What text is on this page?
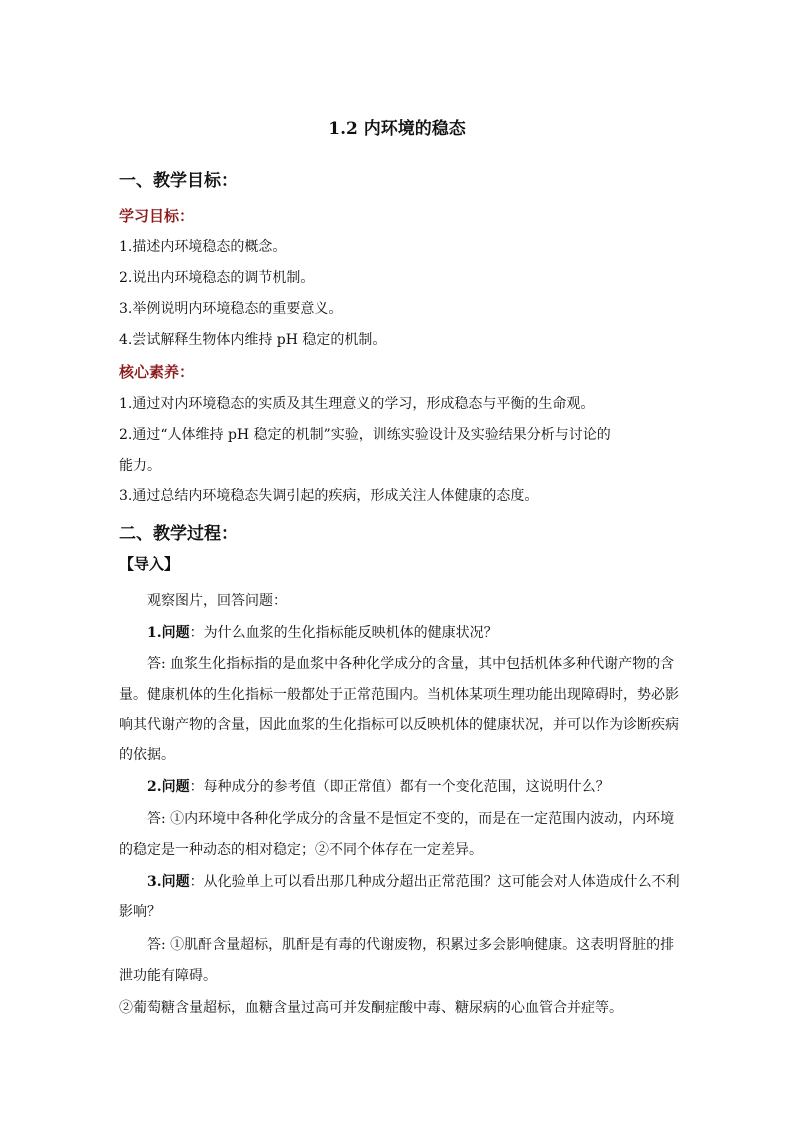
1.2 内环境的稳态
一、教学目标：
学习目标：
1.描述内环境稳态的概念。
2.说出内环境稳态的调节机制。
3.举例说明内环境稳态的重要意义。
4.尝试解释生物体内维持 pH 稳定的机制。
核心素养：
1.通过对内环境稳态的实质及其生理意义的学习，形成稳态与平衡的生命观。
2.通过“人体维持 pH 稳定的机制”实验，训练实验设计及实验结果分析与讨论的
能力。
3.通过总结内环境稳态失调引起的疾病，形成关注人体健康的态度。
二、教学过程：
【导入】
观察图片，回答问题：
1.问题：为什么血浆的生化指标能反映机体的健康状况？
答: 血浆生化指标指的是血浆中各种化学成分的含量，其中包括机体多种代谢产物的含
量。健康机体的生化指标一般都处于正常范围内。当机体某项生理功能出现障碍时，势必影
响其代谢产物的含量，因此血浆的生化指标可以反映机体的健康状况，并可以作为诊断疾病
的依据。
2.问题：每种成分的参考值（即正常值）都有一个变化范围，这说明什么？
答: ①内环境中各种化学成分的含量不是恒定不变的，而是在一定范围内波动，内环境
的稳定是一种动态的相对稳定；②不同个体存在一定差异。
3.问题：从化验单上可以看出那几种成分超出正常范围？这可能会对人体造成什么不利
影响？
答: ①肌酐含量超标，肌酐是有毒的代谢废物，积累过多会影响健康。这表明肾脏的排
泄功能有障碍。
②葡萄糖含量超标，血糖含量过高可并发酮症酸中毒、糖尿病的心血管合并症等。
